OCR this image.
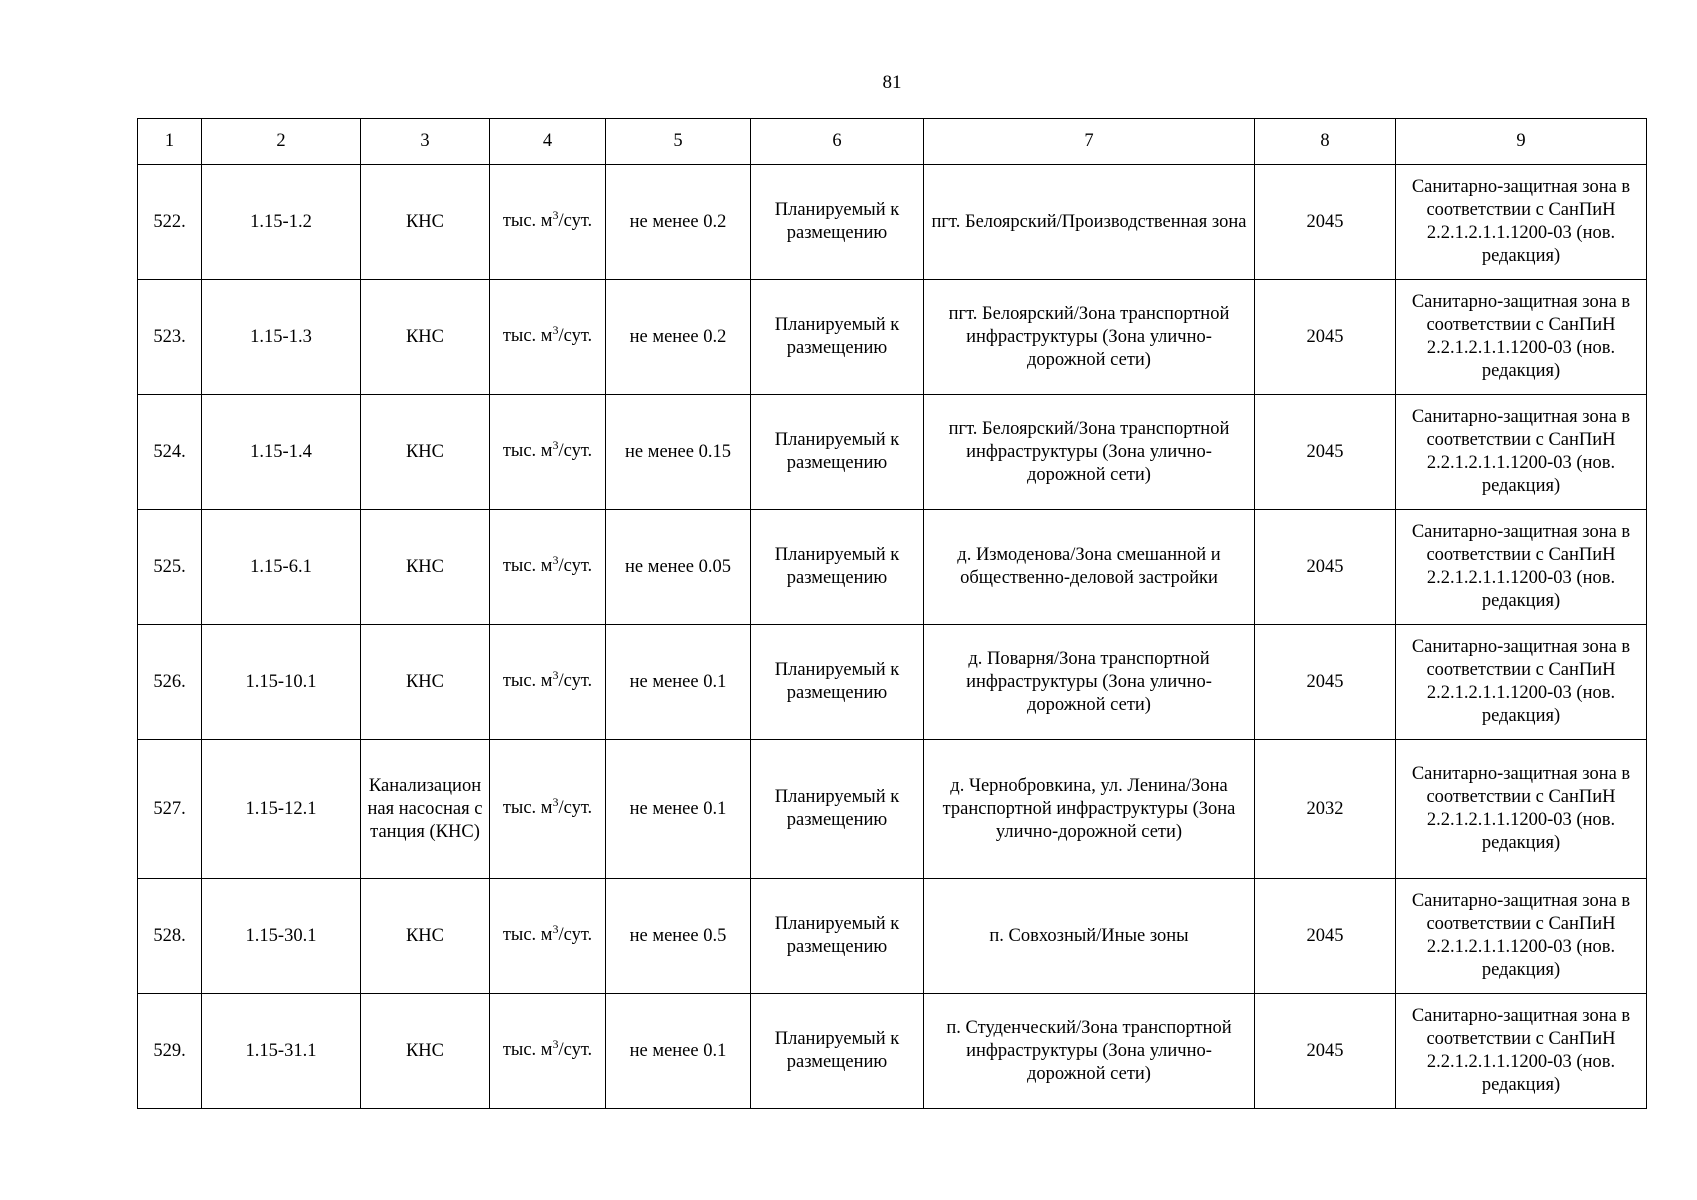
81
1	2	3	4	5	6	7	8	9
522.	1.15-1.2	КНС	тыс. $м^3$/сут.	не менее 0.2	Планируемый к размещению	пгт. Белоярский/Производственная зона	2045	Санитарно-защитная зона в соответствии с СанПиН 2.2.1.2.1.1.1200-03 (нов. редакция)
523.	1.15-1.3	КНС	тыс. $м^3$/сут.	не менее 0.2	Планируемый к размещению	пгт. Белоярский/Зона транспортной инфраструктуры (Зона улично-дорожной сети)	2045	Санитарно-защитная зона в соответствии с СанПиН 2.2.1.2.1.1.1200-03 (нов. редакция)
524.	1.15-1.4	КНС	тыс. $м^3$/сут.	не менее 0.15	Планируемый к размещению	пгт. Белоярский/Зона транспортной инфраструктуры (Зона улично-дорожной сети)	2045	Санитарно-защитная зона в соответствии с СанПиН 2.2.1.2.1.1.1200-03 (нов. редакция)
525.	1.15-6.1	КНС	тыс. $м^3$/сут.	не менее 0.05	Планируемый к размещению	д. Измоденова/Зона смешанной и общественно-деловой застройки	2045	Санитарно-защитная зона в соответствии с СанПиН 2.2.1.2.1.1.1200-03 (нов. редакция)
526.	1.15-10.1	КНС	тыс. $м^3$/сут.	не менее 0.1	Планируемый к размещению	д. Поварня/Зона транспортной инфраструктуры (Зона улично-дорожной сети)	2045	Санитарно-защитная зона в соответствии с СанПиН 2.2.1.2.1.1.1200-03 (нов. редакция)
527.	1.15-12.1	Канализационная насосная станция (КНС)	тыс. $м^3$/сут.	не менее 0.1	Планируемый к размещению	д. Чернобровкина, ул. Ленина/Зона транспортной инфраструктуры (Зона улично-дорожной сети)	2032	Санитарно-защитная зона в соответствии с СанПиН 2.2.1.2.1.1.1200-03 (нов. редакция)
528.	1.15-30.1	КНС	тыс. $м^3$/сут.	не менее 0.5	Планируемый к размещению	п. Совхозный/Иные зоны	2045	Санитарно-защитная зона в соответствии с СанПиН 2.2.1.2.1.1.1200-03 (нов. редакция)
529.	1.15-31.1	КНС	тыс. $м^3$/сут.	не менее 0.1	Планируемый к размещению	п. Студенческий/Зона транспортной инфраструктуры (Зона улично-дорожной сети)	2045	Санитарно-защитная зона в соответствии с СанПиН 2.2.1.2.1.1.1200-03 (нов. редакция)
